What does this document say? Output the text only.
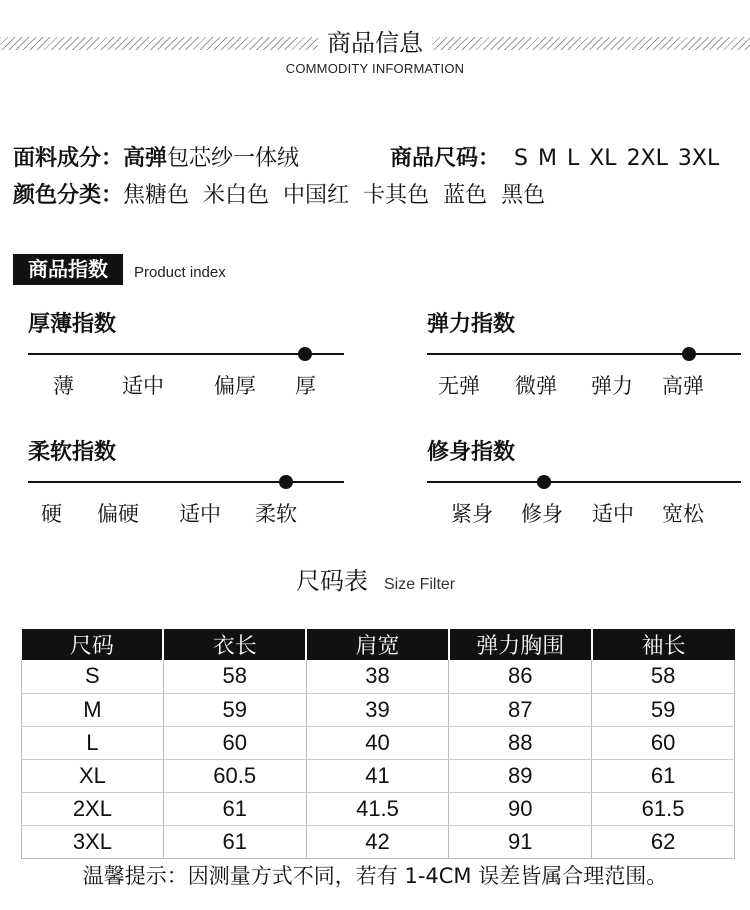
商品信息
COMMODITY INFORMATION
面料成分：高弹包芯纱一体绒	商品尺码： S M L XL 2XL 3XL
颜色分类：焦糖色 米白色 中国红 卡其色 蓝色 黑色
商品指数	Product index
厚薄指数
薄 适中 偏厚 厚
弹力指数
无弹 微弹 弹力 高弹
柔软指数
硬 偏硬 适中 柔软
修身指数
紧身 修身 适中 宽松
尺码表 Size Filter
尺码	衣长	肩宽	弹力胸围	袖长
S	58	38	86	58
M	59	39	87	59
L	60	40	88	60
XL	60.5	41	89	61
2XL	61	41.5	90	61.5
3XL	61	42	91	62
温馨提示：因测量方式不同，若有 1-4CM 误差皆属合理范围。
